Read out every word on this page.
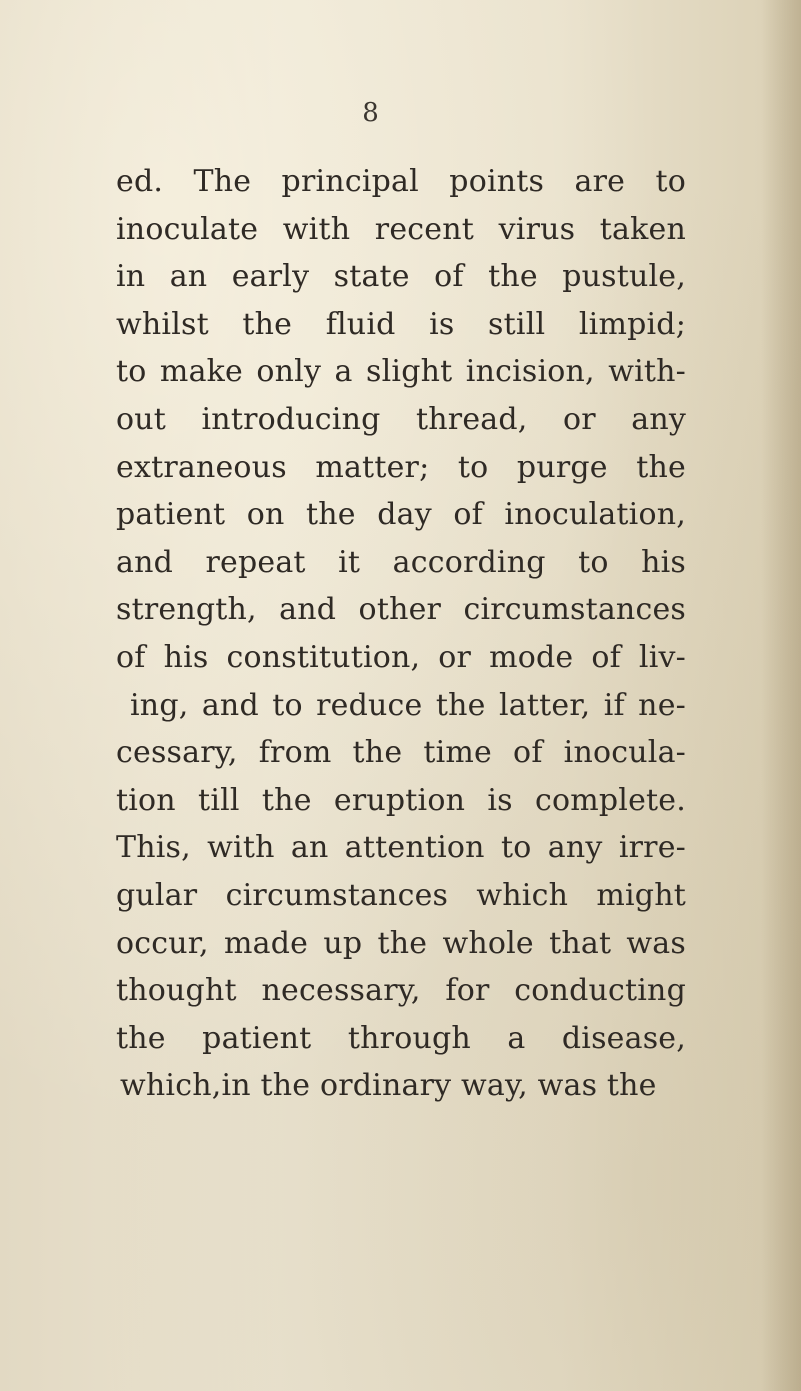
8
ed. The principal points are to
inoculate with recent virus taken
in an early state of the pustule,
whilst the fluid is still limpid;
to make only a slight incision, with-
out introducing thread, or any
extraneous matter; to purge the
patient on the day of inoculation,
and repeat it according to his
strength, and other circumstances
of his constitution, or mode of liv-
ing, and to reduce the latter, if ne-
cessary, from the time of inocula-
tion till the eruption is complete.
This, with an attention to any irre-
gular circumstances which might
occur, made up the whole that was
thought necessary, for conducting
the patient through a disease,
which,in the ordinary way, was the
